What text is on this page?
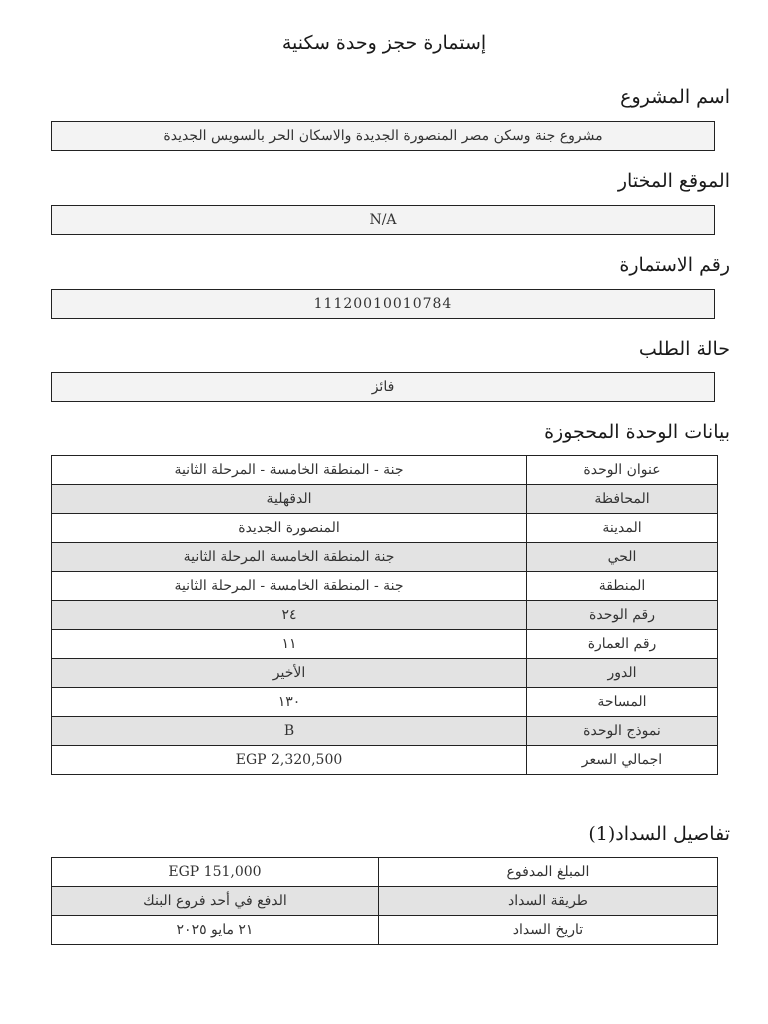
إستمارة حجز وحدة سكنية
اسم المشروع
مشروع جنة وسكن مصر المنصورة الجديدة والاسكان الحر بالسويس الجديدة
الموقع المختار
N/A
رقم الاستمارة
11120010010784
حالة الطلب
فائز
بيانات الوحدة المحجوزة
جنة - المنطقة الخامسة - المرحلة الثانية	عنوان الوحدة
الدقهلية	المحافظة
المنصورة الجديدة	المدينة
جنة المنطقة الخامسة المرحلة الثانية	الحي
جنة - المنطقة الخامسة - المرحلة الثانية	المنطقة
٢٤	رقم الوحدة
١١	رقم العمارة
الأخير	الدور
١٣٠	المساحة
B	نموذج الوحدة
EGP 2,320,500	اجمالي السعر
تفاصيل السداد(1)
EGP 151,000	المبلغ المدفوع
الدفع في أحد فروع البنك	طريقة السداد
٢١ مايو ٢٠٢٥	تاريخ السداد
